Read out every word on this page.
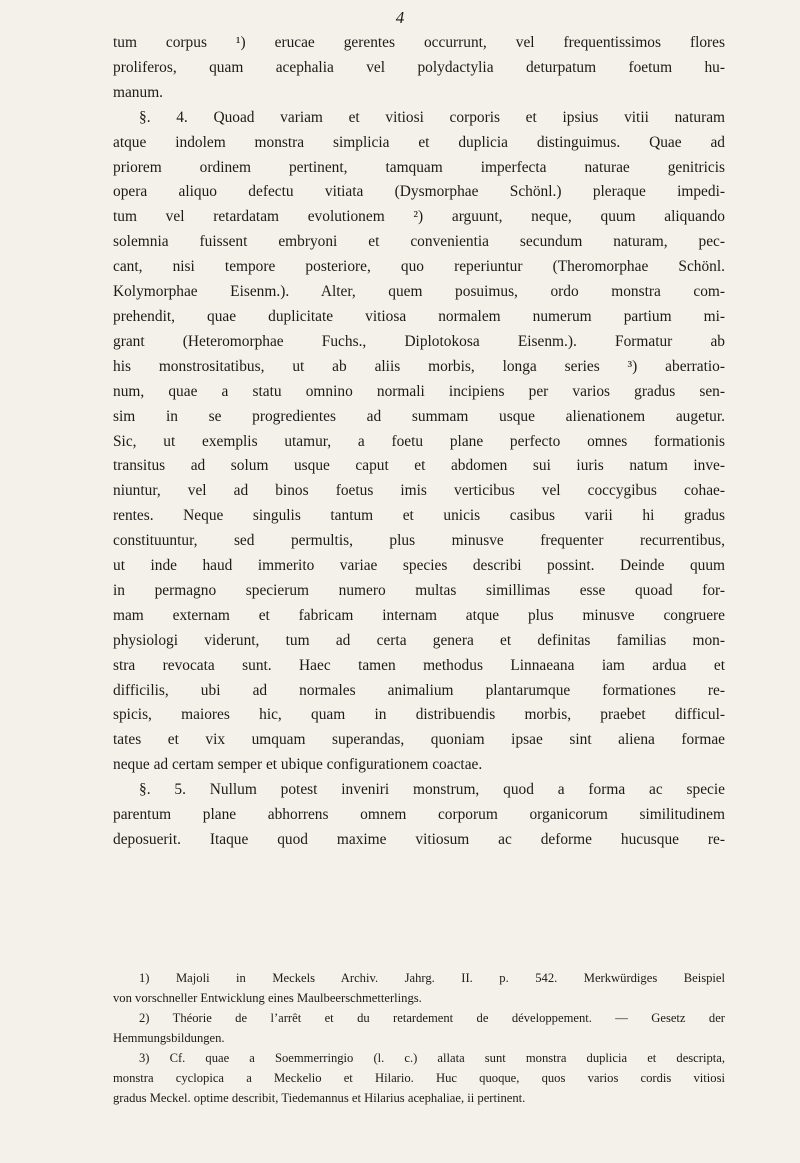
4
tum corpus ¹) erucae gerentes occurrunt, vel frequentissimos flores
proliferos, quam acephalia vel polydactylia deturpatum foetum hu-
manum.
§. 4. Quoad variam et vitiosi corporis et ipsius vitii naturam
atque indolem monstra simplicia et duplicia distinguimus. Quae ad
priorem ordinem pertinent, tamquam imperfecta naturae genitricis
opera aliquo defectu vitiata (Dysmorphae Schönl.) pleraque impedi-
tum vel retardatam evolutionem ²) arguunt, neque, quum aliquando
solemnia fuissent embryoni et convenientia secundum naturam, pec-
cant, nisi tempore posteriore, quo reperiuntur (Theromorphae Schönl.
Kolymorphae Eisenm.). Alter, quem posuimus, ordo monstra com-
prehendit, quae duplicitate vitiosa normalem numerum partium mi-
grant (Heteromorphae Fuchs., Diplotokosa Eisenm.). Formatur ab
his monstrositatibus, ut ab aliis morbis, longa series ³) aberratio-
num, quae a statu omnino normali incipiens per varios gradus sen-
sim in se progredientes ad summam usque alienationem augetur.
Sic, ut exemplis utamur, a foetu plane perfecto omnes formationis
transitus ad solum usque caput et abdomen sui iuris natum inve-
niuntur, vel ad binos foetus imis verticibus vel coccygibus cohae-
rentes. Neque singulis tantum et unicis casibus varii hi gradus
constituuntur, sed permultis, plus minusve frequenter recurrentibus,
ut inde haud immerito variae species describi possint. Deinde quum
in permagno specierum numero multas simillimas esse quoad for-
mam externam et fabricam internam atque plus minusve congruere
physiologi viderunt, tum ad certa genera et definitas familias mon-
stra revocata sunt. Haec tamen methodus Linnaeana iam ardua et
difficilis, ubi ad normales animalium plantarumque formationes re-
spicis, maiores hic, quam in distribuendis morbis, praebet difficul-
tates et vix umquam superandas, quoniam ipsae sint aliena formae
neque ad certam semper et ubique configurationem coactae.
§. 5. Nullum potest inveniri monstrum, quod a forma ac specie
parentum plane abhorrens omnem corporum organicorum similitudinem
deposuerit. Itaque quod maxime vitiosum ac deforme hucusque re-
1) Majoli in Meckels Archiv. Jahrg. II. p. 542. Merkwürdiges Beispiel
von vorschneller Entwicklung eines Maulbeerschmetterlings.
2) Théorie de l’arrêt et du retardement de développement. — Gesetz der
Hemmungsbildungen.
3) Cf. quae a Soemmerringio (l. c.) allata sunt monstra duplicia et descripta,
monstra cyclopica a Meckelio et Hilario. Huc quoque, quos varios cordis vitiosi
gradus Meckel. optime describit, Tiedemannus et Hilarius acephaliae, ii pertinent.
